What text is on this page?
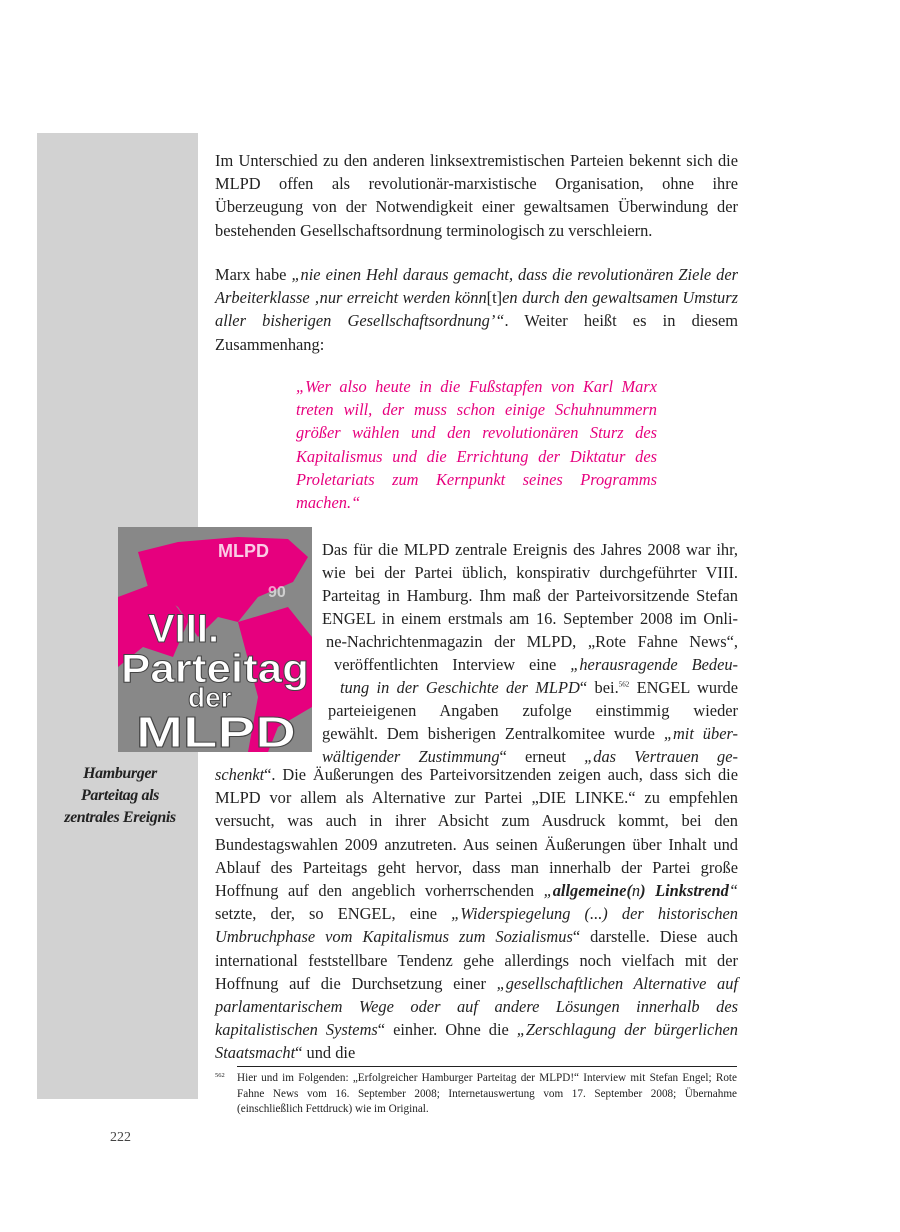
Im Unterschied zu den anderen linksextremistischen Parteien bekennt sich die MLPD offen als revolutionär-marxistische Organisation, ohne ihre Überzeugung von der Notwendigkeit einer gewaltsamen Überwindung der bestehenden Gesellschaftsordnung terminologisch zu verschleiern.

Marx habe „nie einen Hehl daraus gemacht, dass die revolutionären Ziele der Arbeiterklasse ‚nur erreicht werden könn[t]en durch den gewaltsamen Umsturz aller bisherigen Gesellschaftsordnung’“. Weiter heißt es in diesem Zusammenhang:

„Wer also heute in die Fußstapfen von Karl Marx treten will, der muss schon einige Schuhnummern größer wählen und den revolutionären Sturz des Kapitalismus und die Errichtung der Diktatur des Proletariats zum Kernpunkt seines Programms machen.“

MLPD
90
VIII.
Parteitag
der
MLPD
Hamburger
Parteitag als
zentrales Ereignis
Das für die MLPD zentrale Ereignis des Jahres 2008 war ihr,
wie bei der Partei üblich, konspirativ durchgeführter VIII.
Parteitag in Hamburg. Ihm maß der Parteivorsitzende Stefan
ENGEL in einem erstmals am 16. September 2008 im Onli-
ne-Nachrichtenmagazin der MLPD, „Rote Fahne News“,
veröffentlichten Interview eine „herausragende Bedeu-
tung in der Geschichte der MLPD“ bei.$^{562}$ ENGEL wurde
parteieigenen Angaben zufolge einstimmig wieder
gewählt. Dem bisherigen Zentralkomitee wurde „mit über-
wältigender Zustimmung“ erneut „das Vertrauen ge-

schenkt“. Die Äußerungen des Parteivorsitzenden zeigen auch, dass sich die MLPD vor allem als Alternative zur Partei „DIE LINKE.“ zu empfehlen versucht, was auch in ihrer Absicht zum Ausdruck kommt, bei den Bundestagswahlen 2009 anzutreten. Aus seinen Äußerungen über Inhalt und Ablauf des Parteitags geht hervor, dass man innerhalb der Partei große Hoffnung auf den angeblich vorherrschenden „allgemeine(n) Linkstrend“ setzte, der, so ENGEL, eine „Widerspiegelung (...) der historischen Umbruchphase vom Kapitalismus zum Sozialismus“ darstelle. Diese auch international feststellbare Tendenz gehe allerdings noch vielfach mit der Hoffnung auf die Durchsetzung einer „gesellschaftlichen Alternative auf parlamentarischem Wege oder auf andere Lösungen innerhalb des kapitalistischen Systems“ einher. Ohne die „Zerschlagung der bürgerlichen Staatsmacht“ und die

562 Hier und im Folgenden: „Erfolgreicher Hamburger Parteitag der MLPD!“ Interview mit Stefan Engel; Rote Fahne News vom 16. September 2008; Internetauswertung vom 17. September 2008; Übernahme (einschließlich Fettdruck) wie im Original.

222
